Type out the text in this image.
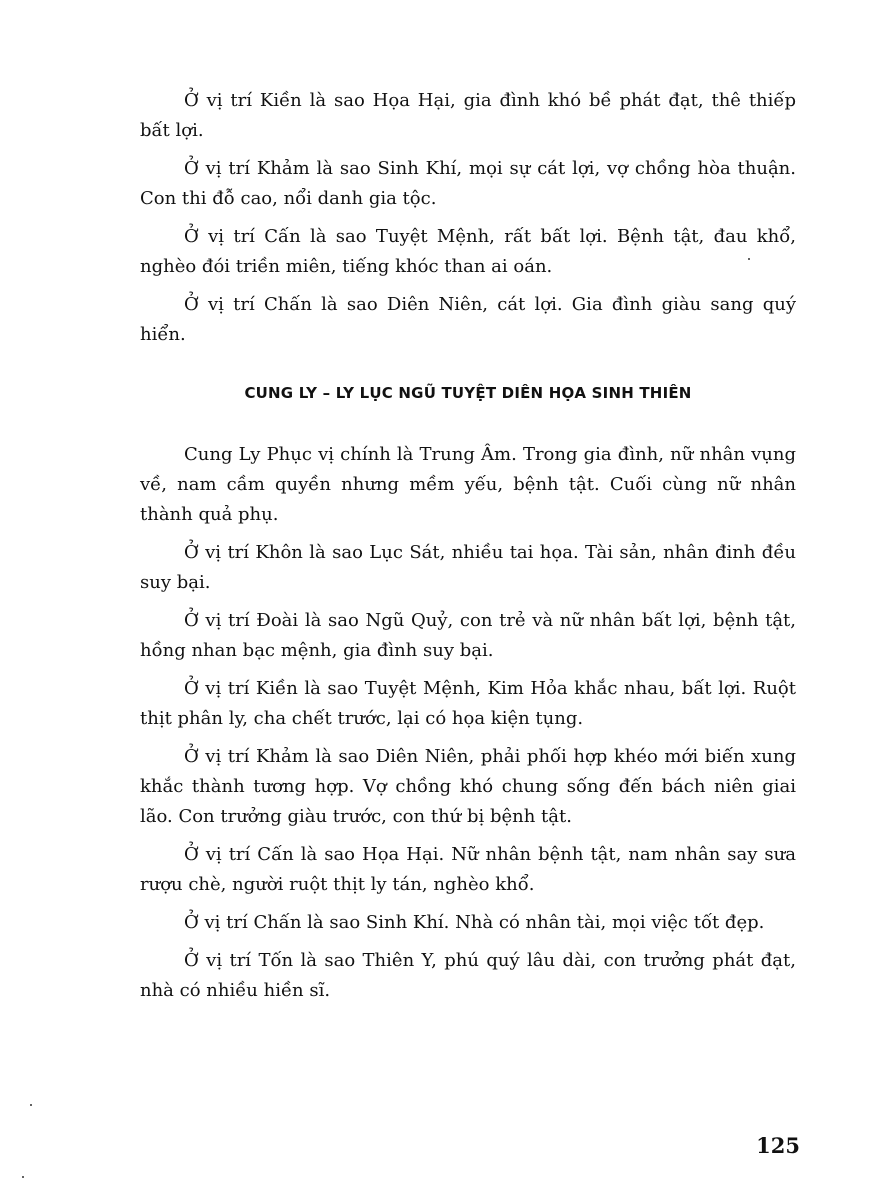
Ở vị trí Kiền là sao Họa Hại, gia đình khó bề phát đạt, thê thiếp bất lợi.

Ở vị trí Khảm là sao Sinh Khí, mọi sự cát lợi, vợ chồng hòa thuận. Con thi đỗ cao, nổi danh gia tộc.

Ở vị trí Cấn là sao Tuyệt Mệnh, rất bất lợi. Bệnh tật, đau khổ, nghèo đói triền miên, tiếng khóc than ai oán.

Ở vị trí Chấn là sao Diên Niên, cát lợi. Gia đình giàu sang quý hiển.

CUNG LY – LY LỤC NGŨ TUYỆT DIÊN HỌA SINH THIÊN

Cung Ly Phục vị chính là Trung Âm. Trong gia đình, nữ nhân vụng về, nam cầm quyền nhưng mềm yếu, bệnh tật. Cuối cùng nữ nhân thành quả phụ.

Ở vị trí Khôn là sao Lục Sát, nhiều tai họa. Tài sản, nhân đinh đều suy bại.

Ở vị trí Đoài là sao Ngũ Quỷ, con trẻ và nữ nhân bất lợi, bệnh tật, hồng nhan bạc mệnh, gia đình suy bại.

Ở vị trí Kiền là sao Tuyệt Mệnh, Kim Hỏa khắc nhau, bất lợi. Ruột thịt phân ly, cha chết trước, lại có họa kiện tụng.

Ở vị trí Khảm là sao Diên Niên, phải phối hợp khéo mới biến xung khắc thành tương hợp. Vợ chồng khó chung sống đến bách niên giai lão. Con trưởng giàu trước, con thứ bị bệnh tật.

Ở vị trí Cấn là sao Họa Hại. Nữ nhân bệnh tật, nam nhân say sưa rượu chè, người ruột thịt ly tán, nghèo khổ.

Ở vị trí Chấn là sao Sinh Khí. Nhà có nhân tài, mọi việc tốt đẹp.

Ở vị trí Tốn là sao Thiên Y, phú quý lâu dài, con trưởng phát đạt, nhà có nhiều hiền sĩ.

125
